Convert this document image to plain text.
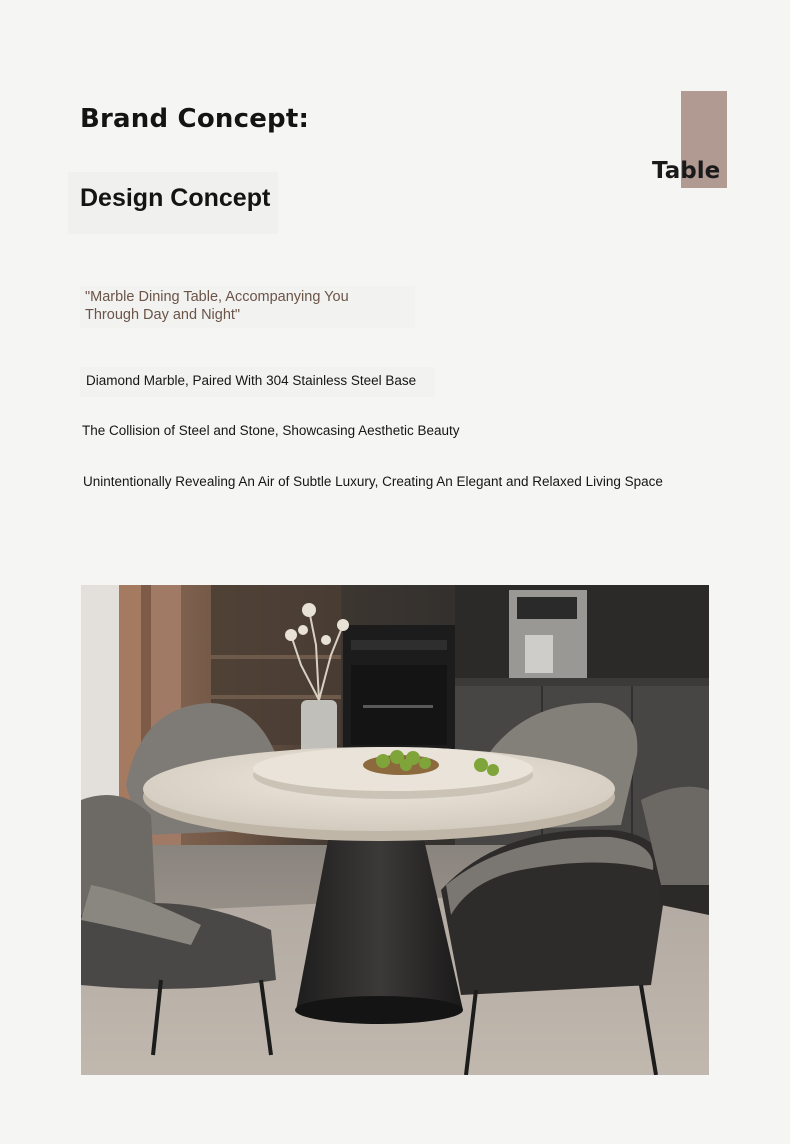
Brand Concept:
Table
Design Concept

"Marble Dining Table, Accompanying You Through Day and Night"

Diamond Marble, Paired With 304 Stainless Steel Base

The Collision of Steel and Stone, Showcasing Aesthetic Beauty

Unintentionally Revealing An Air of Subtle Luxury, Creating An Elegant and Relaxed Living Space
